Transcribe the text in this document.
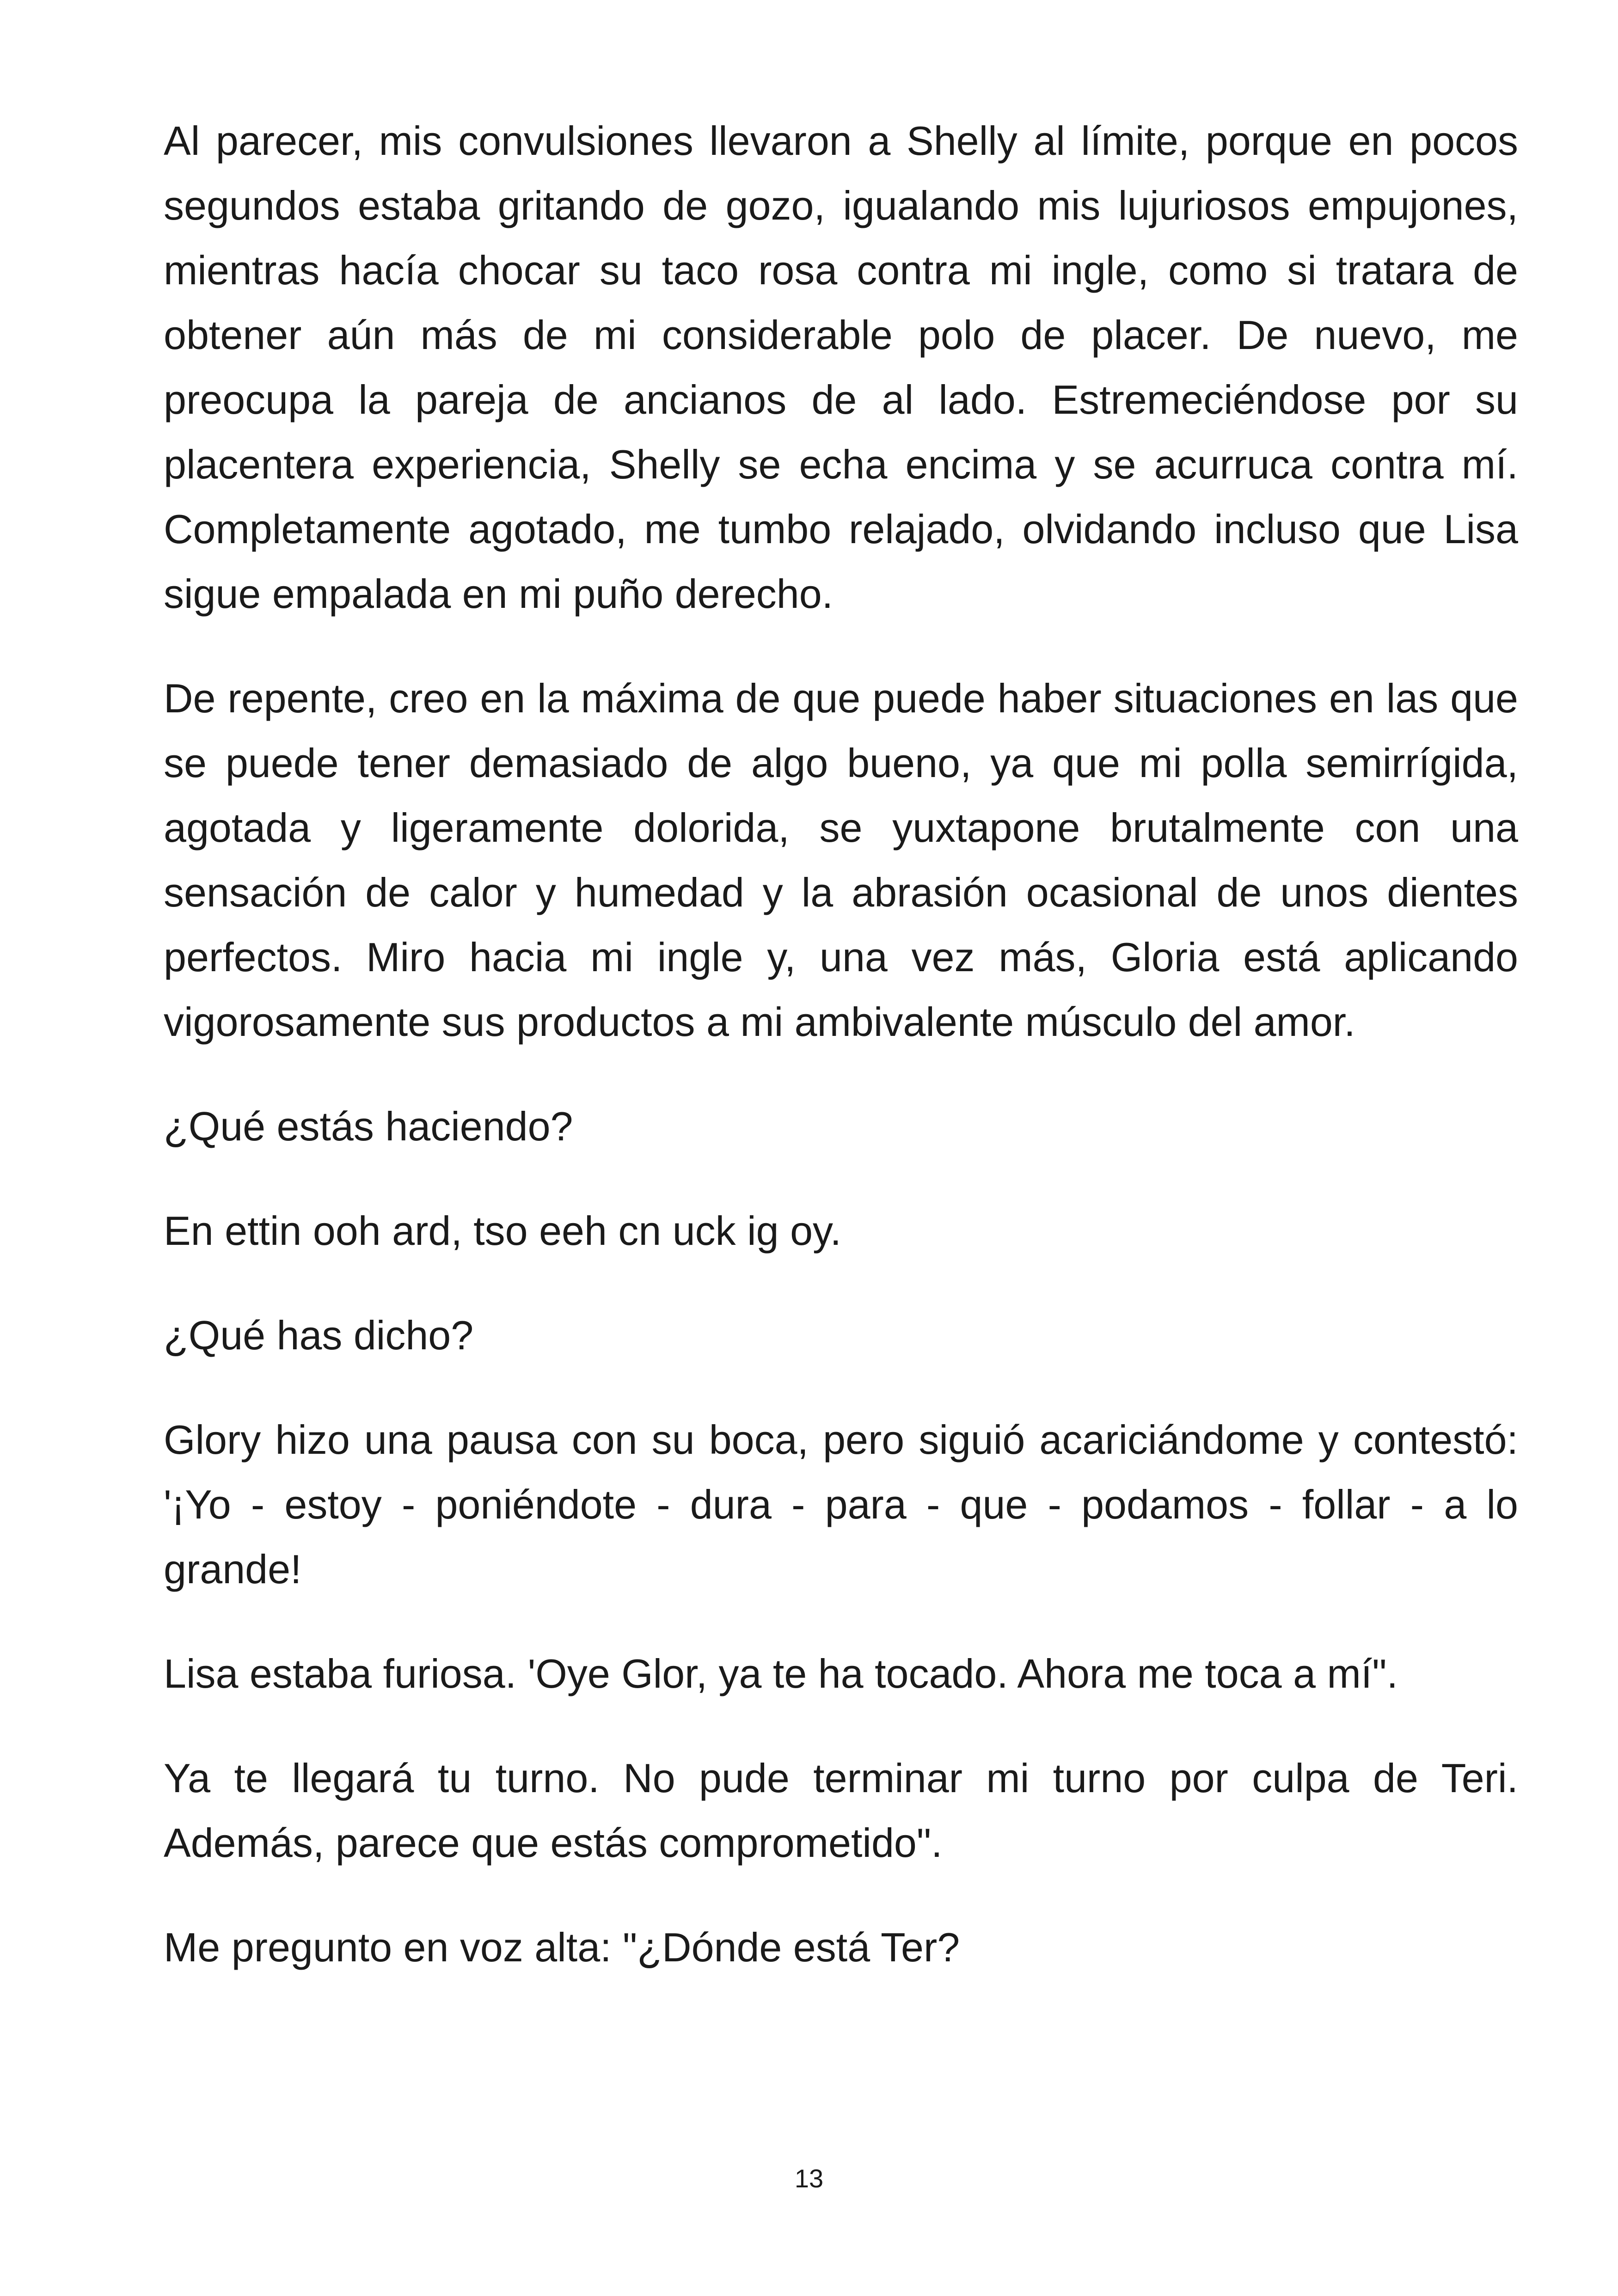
Al parecer, mis convulsiones llevaron a Shelly al límite, porque en pocos segundos estaba gritando de gozo, igualando mis lujuriosos empujones, mientras hacía chocar su taco rosa contra mi ingle, como si tratara de obtener aún más de mi considerable polo de placer. De nuevo, me preocupa la pareja de ancianos de al lado. Estremeciéndose por su placentera experiencia, Shelly se echa encima y se acurruca contra mí. Completamente agotado, me tumbo relajado, olvidando incluso que Lisa sigue empalada en mi puño derecho.

De repente, creo en la máxima de que puede haber situaciones en las que se puede tener demasiado de algo bueno, ya que mi polla semirrígida, agotada y ligeramente dolorida, se yuxtapone brutalmente con una sensación de calor y humedad y la abrasión ocasional de unos dientes perfectos. Miro hacia mi ingle y, una vez más, Gloria está aplicando vigorosamente sus productos a mi ambivalente músculo del amor.

¿Qué estás haciendo?

En ettin ooh ard, tso eeh cn uck ig oy.

¿Qué has dicho?

Glory hizo una pausa con su boca, pero siguió acariciándome y contestó: '¡Yo - estoy - poniéndote - dura - para - que - podamos - follar - a lo grande!

Lisa estaba furiosa. 'Oye Glor, ya te ha tocado. Ahora me toca a mí".

Ya te llegará tu turno. No pude terminar mi turno por culpa de Teri. Además, parece que estás comprometido".

Me pregunto en voz alta: "¿Dónde está Ter?

13
